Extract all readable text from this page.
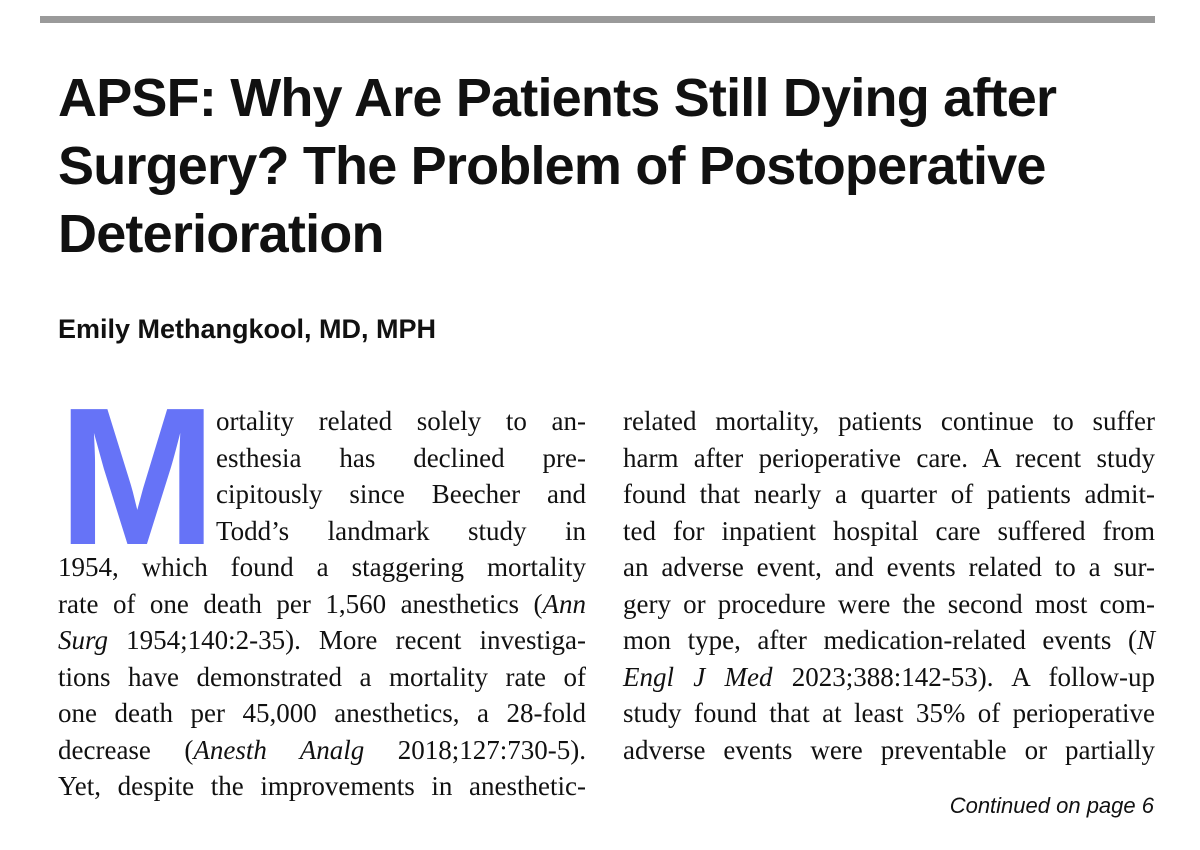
APSF: Why Are Patients Still Dying after Surgery? The Problem of Postoperative Deterioration
Emily Methangkool, MD, MPH
M ortality related solely to an-
esthesia has declined pre-
cipitously since Beecher and
Todd’s landmark study in
1954, which found a staggering mortality
rate of one death per 1,560 anesthetics (Ann
Surg 1954;140:2-35). More recent investiga-
tions have demonstrated a mortality rate of
one death per 45,000 anesthetics, a 28-fold
decrease (Anesth Analg 2018;127:730-5).
Yet, despite the improvements in anesthetic-
related mortality, patients continue to suffer
harm after perioperative care. A recent study
found that nearly a quarter of patients admit-
ted for inpatient hospital care suffered from
an adverse event, and events related to a sur-
gery or procedure were the second most com-
mon type, after medication-related events (N
Engl J Med 2023;388:142-53). A follow-up
study found that at least 35% of perioperative
adverse events were preventable or partially
Continued on page 6
